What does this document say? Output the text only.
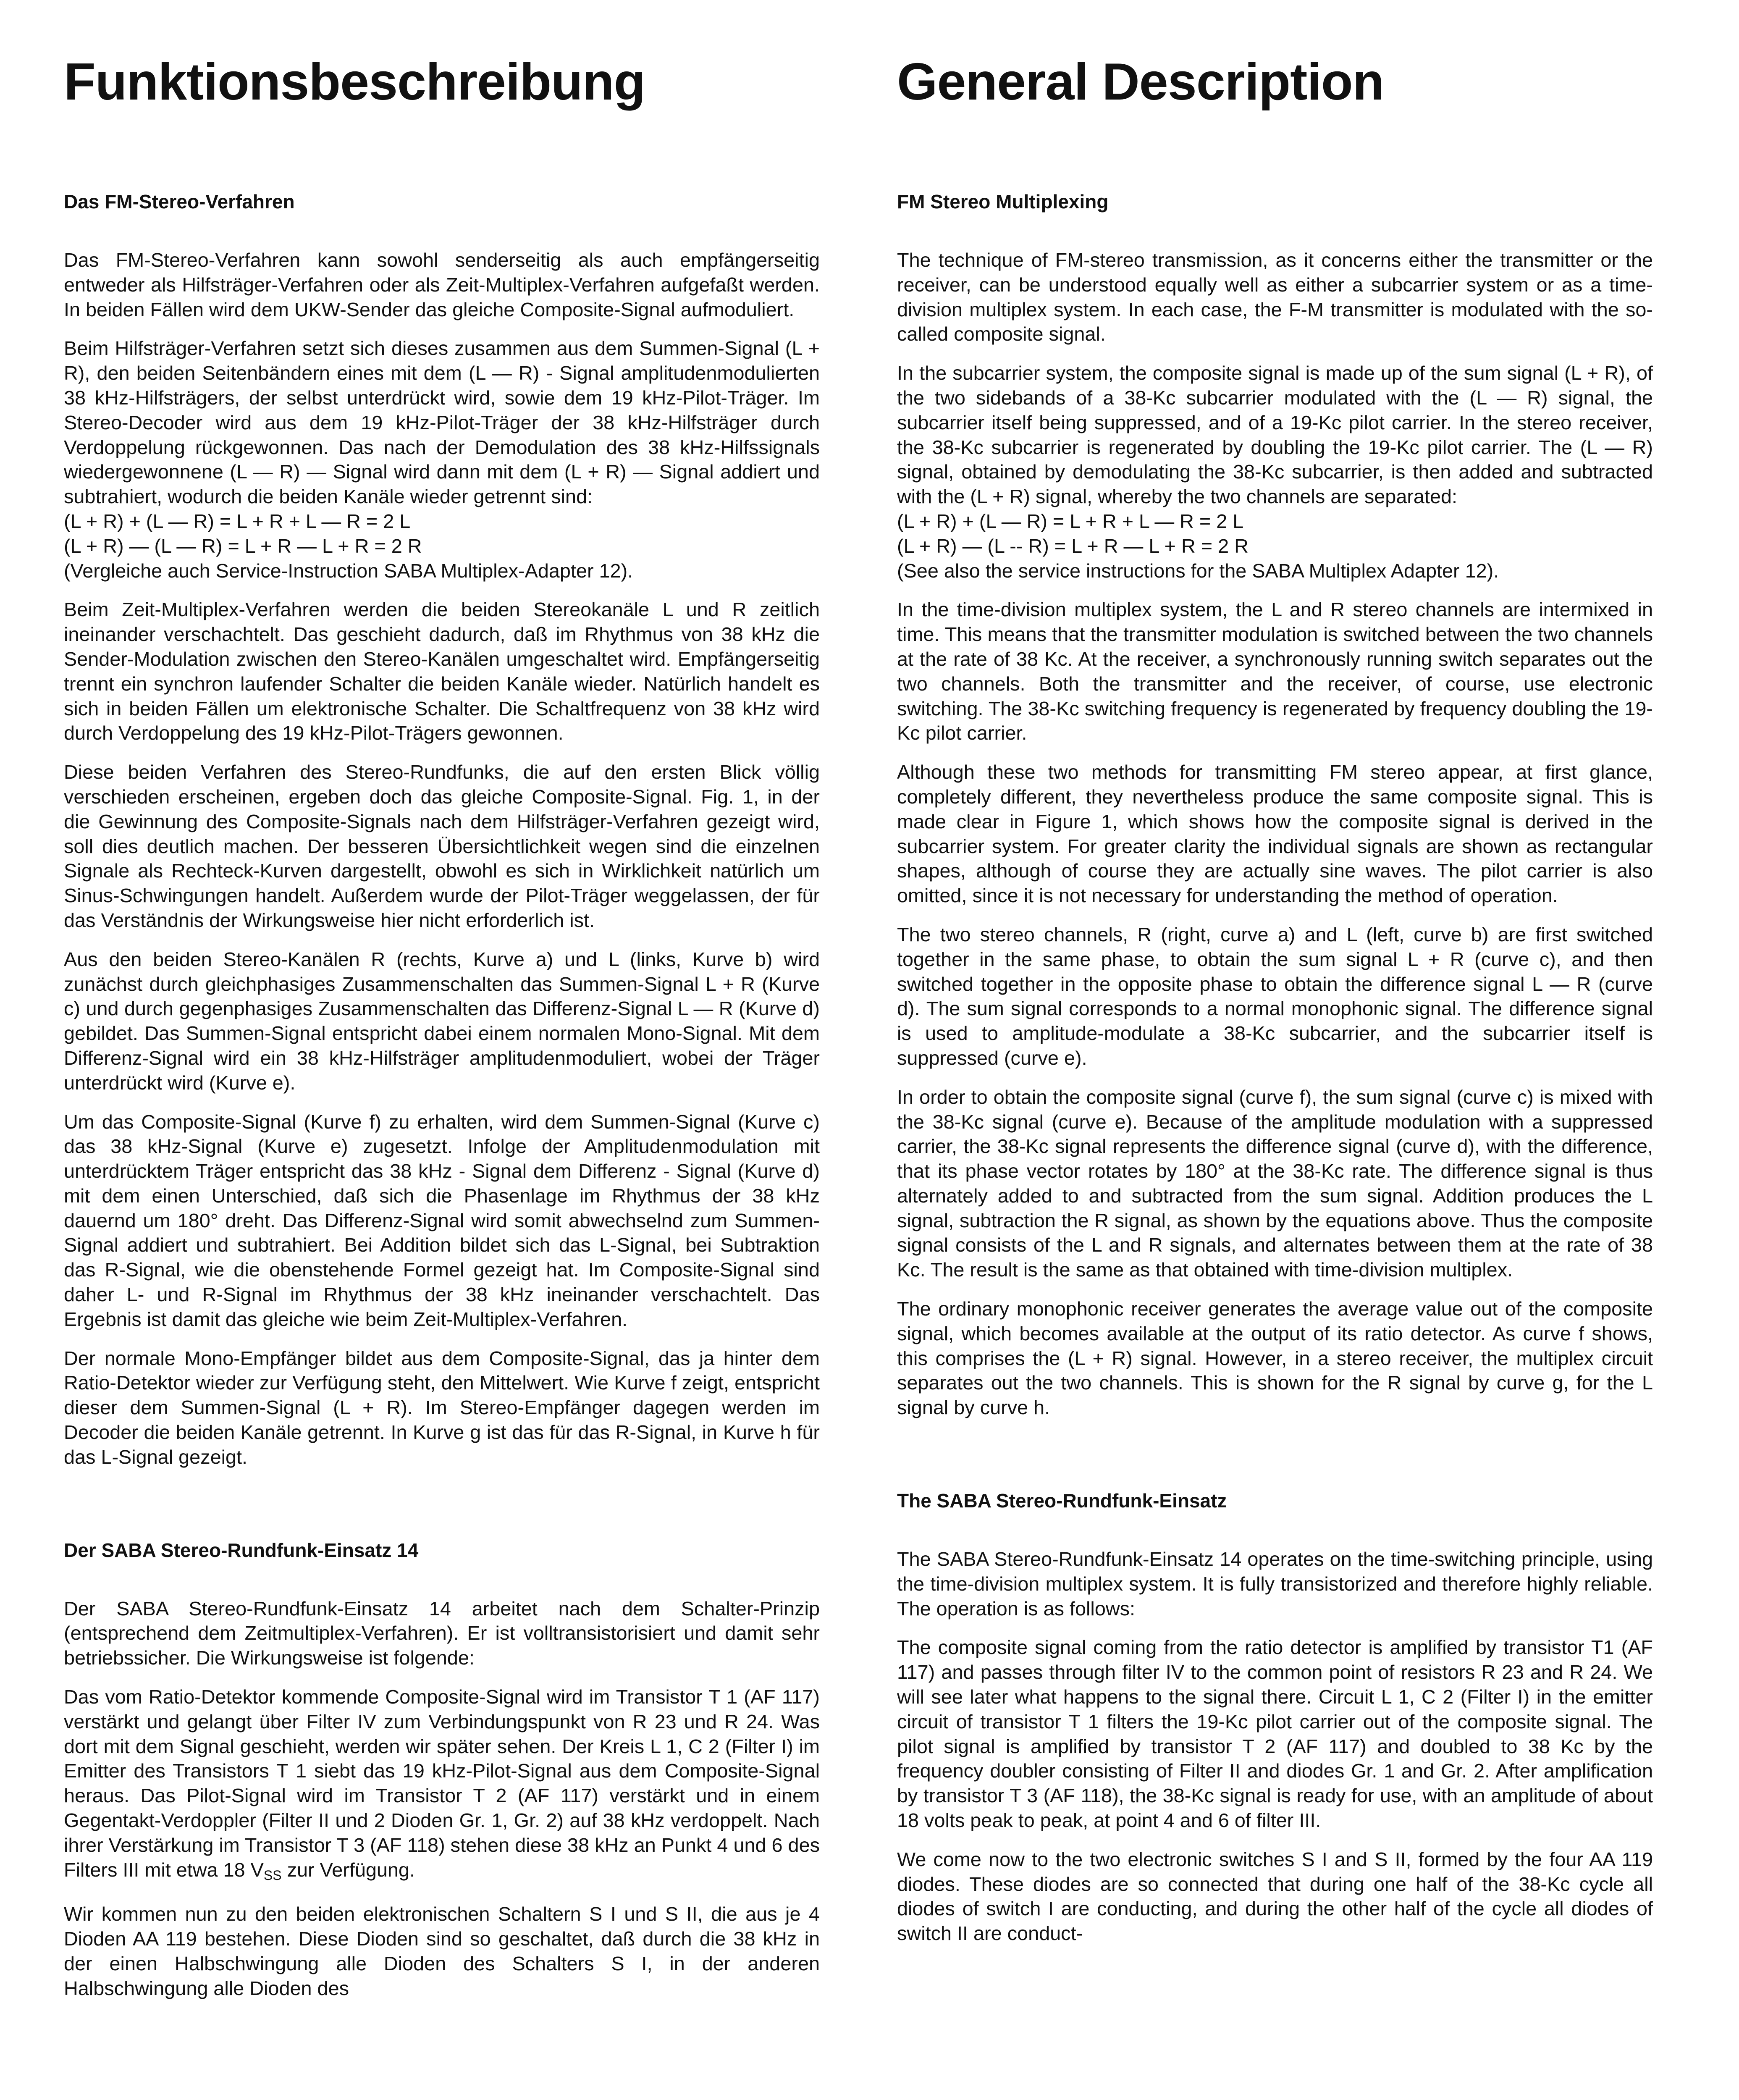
Funktionsbeschreibung
Das FM-Stereo-Verfahren

Das FM-Stereo-Verfahren kann sowohl senderseitig als auch empfängerseitig entweder als Hilfsträger-Verfahren oder als Zeit-Multiplex-Verfahren aufgefaßt werden. In beiden Fällen wird dem UKW-Sender das gleiche Composite-Signal aufmoduliert.

Beim Hilfsträger-Verfahren setzt sich dieses zusammen aus dem Summen-Signal (L + R), den beiden Seitenbändern eines mit dem (L — R) - Signal amplitudenmodulierten 38 kHz-Hilfsträgers, der selbst unterdrückt wird, sowie dem 19 kHz-Pilot-Träger. Im Stereo-Decoder wird aus dem 19 kHz-Pilot-Träger der 38 kHz-Hilfsträger durch Verdoppelung rückgewonnen. Das nach der Demodulation des 38 kHz-Hilfssignals wiedergewonnene (L — R) — Signal wird dann mit dem (L + R) — Signal addiert und subtrahiert, wodurch die beiden Kanäle wieder getrennt sind:

(L + R) + (L — R) = L + R + L — R = 2 L
(L + R) — (L — R) = L + R — L + R = 2 R
(Vergleiche auch Service-Instruction SABA Multiplex-Adapter 12).

Beim Zeit-Multiplex-Verfahren werden die beiden Stereokanäle L und R zeitlich ineinander verschachtelt. Das geschieht dadurch, daß im Rhythmus von 38 kHz die Sender-Modulation zwischen den Stereo-Kanälen umgeschaltet wird. Empfängerseitig trennt ein synchron laufender Schalter die beiden Kanäle wieder. Natürlich handelt es sich in beiden Fällen um elektronische Schalter. Die Schaltfrequenz von 38 kHz wird durch Verdoppelung des 19 kHz-Pilot-Trägers gewonnen.

Diese beiden Verfahren des Stereo-Rundfunks, die auf den ersten Blick völlig verschieden erscheinen, ergeben doch das gleiche Composite-Signal. Fig. 1, in der die Gewinnung des Composite-Signals nach dem Hilfsträger-Verfahren gezeigt wird, soll dies deutlich machen. Der besseren Übersichtlichkeit wegen sind die einzelnen Signale als Rechteck-Kurven dargestellt, obwohl es sich in Wirklichkeit natürlich um Sinus-Schwingungen handelt. Außerdem wurde der Pilot-Träger weggelassen, der für das Verständnis der Wirkungsweise hier nicht erforderlich ist.

Aus den beiden Stereo-Kanälen R (rechts, Kurve a) und L (links, Kurve b) wird zunächst durch gleichphasiges Zusammenschalten das Summen-Signal L + R (Kurve c) und durch gegenphasiges Zusammenschalten das Differenz-Signal L — R (Kurve d) gebildet. Das Summen-Signal entspricht dabei einem normalen Mono-Signal. Mit dem Differenz-Signal wird ein 38 kHz-Hilfsträger amplitudenmoduliert, wobei der Träger unterdrückt wird (Kurve e).

Um das Composite-Signal (Kurve f) zu erhalten, wird dem Summen-Signal (Kurve c) das 38 kHz-Signal (Kurve e) zugesetzt. Infolge der Amplitudenmodulation mit unterdrücktem Träger entspricht das 38 kHz - Signal dem Differenz - Signal (Kurve d) mit dem einen Unterschied, daß sich die Phasenlage im Rhythmus der 38 kHz dauernd um 180° dreht. Das Differenz-Signal wird somit abwechselnd zum Summen-Signal addiert und subtrahiert. Bei Addition bildet sich das L-Signal, bei Subtraktion das R-Signal, wie die obenstehende Formel gezeigt hat. Im Composite-Signal sind daher L- und R-Signal im Rhythmus der 38 kHz ineinander verschachtelt. Das Ergebnis ist damit das gleiche wie beim Zeit-Multiplex-Verfahren.

Der normale Mono-Empfänger bildet aus dem Composite-Signal, das ja hinter dem Ratio-Detektor wieder zur Verfügung steht, den Mittelwert. Wie Kurve f zeigt, entspricht dieser dem Summen-Signal (L + R). Im Stereo-Empfänger dagegen werden im Decoder die beiden Kanäle getrennt. In Kurve g ist das für das R-Signal, in Kurve h für das L-Signal gezeigt.

Der SABA Stereo-Rundfunk-Einsatz 14

Der SABA Stereo-Rundfunk-Einsatz 14 arbeitet nach dem Schalter-Prinzip (entsprechend dem Zeitmultiplex-Verfahren). Er ist volltransistorisiert und damit sehr betriebssicher. Die Wirkungsweise ist folgende:

Das vom Ratio-Detektor kommende Composite-Signal wird im Transistor T 1 (AF 117) verstärkt und gelangt über Filter IV zum Verbindungspunkt von R 23 und R 24. Was dort mit dem Signal geschieht, werden wir später sehen. Der Kreis L 1, C 2 (Filter I) im Emitter des Transistors T 1 siebt das 19 kHz-Pilot-Signal aus dem Composite-Signal heraus. Das Pilot-Signal wird im Transistor T 2 (AF 117) verstärkt und in einem Gegentakt-Verdoppler (Filter II und 2 Dioden Gr. 1, Gr. 2) auf 38 kHz verdoppelt. Nach ihrer Verstärkung im Transistor T 3 (AF 118) stehen diese 38 kHz an Punkt 4 und 6 des Filters III mit etwa 18 $V_{SS}$ zur Verfügung.

Wir kommen nun zu den beiden elektronischen Schaltern S I und S II, die aus je 4 Dioden AA 119 bestehen. Diese Dioden sind so geschaltet, daß durch die 38 kHz in der einen Halbschwingung alle Dioden des Schalters S I, in der anderen Halbschwingung alle Dioden des

General Description
FM Stereo Multiplexing

The technique of FM-stereo transmission, as it concerns either the transmitter or the receiver, can be understood equally well as either a subcarrier system or as a time-division multiplex system. In each case, the F-M transmitter is modulated with the so-called composite signal.

In the subcarrier system, the composite signal is made up of the sum signal (L + R), of the two sidebands of a 38-Kc subcarrier modulated with the (L — R) signal, the subcarrier itself being suppressed, and of a 19-Kc pilot carrier. In the stereo receiver, the 38-Kc subcarrier is regenerated by doubling the 19-Kc pilot carrier. The (L — R) signal, obtained by demodulating the 38-Kc subcarrier, is then added and subtracted with the (L + R) signal, whereby the two channels are separated:

(L + R) + (L — R) = L + R + L — R = 2 L
(L + R) — (L -- R) = L + R — L + R = 2 R
(See also the service instructions for the SABA Multiplex Adapter 12).

In the time-division multiplex system, the L and R stereo channels are intermixed in time. This means that the transmitter modulation is switched between the two channels at the rate of 38 Kc. At the receiver, a synchronously running switch separates out the two channels. Both the transmitter and the receiver, of course, use electronic switching. The 38-Kc switching frequency is regenerated by frequency doubling the 19-Kc pilot carrier.

Although these two methods for transmitting FM stereo appear, at first glance, completely different, they nevertheless produce the same composite signal. This is made clear in Figure 1, which shows how the composite signal is derived in the subcarrier system. For greater clarity the individual signals are shown as rectangular shapes, although of course they are actually sine waves. The pilot carrier is also omitted, since it is not necessary for understanding the method of operation.

The two stereo channels, R (right, curve a) and L (left, curve b) are first switched together in the same phase, to obtain the sum signal L + R (curve c), and then switched together in the opposite phase to obtain the difference signal L — R (curve d). The sum signal corresponds to a normal monophonic signal. The difference signal is used to amplitude-modulate a 38-Kc subcarrier, and the subcarrier itself is suppressed (curve e).

In order to obtain the composite signal (curve f), the sum signal (curve c) is mixed with the 38-Kc signal (curve e). Because of the amplitude modulation with a suppressed carrier, the 38-Kc signal represents the difference signal (curve d), with the difference, that its phase vector rotates by 180° at the 38-Kc rate. The difference signal is thus alternately added to and subtracted from the sum signal. Addition produces the L signal, subtraction the R signal, as shown by the equations above. Thus the composite signal consists of the L and R signals, and alternates between them at the rate of 38 Kc. The result is the same as that obtained with time-division multiplex.

The ordinary monophonic receiver generates the average value out of the composite signal, which becomes available at the output of its ratio detector. As curve f shows, this comprises the (L + R) signal. However, in a stereo receiver, the multiplex circuit separates out the two channels. This is shown for the R signal by curve g, for the L signal by curve h.

The SABA Stereo-Rundfunk-Einsatz

The SABA Stereo-Rundfunk-Einsatz 14 operates on the time-switching principle, using the time-division multiplex system. It is fully transistorized and therefore highly reliable. The operation is as follows:

The composite signal coming from the ratio detector is amplified by transistor T1 (AF 117) and passes through filter IV to the common point of resistors R 23 and R 24. We will see later what happens to the signal there. Circuit L 1, C 2 (Filter I) in the emitter circuit of transistor T 1 filters the 19-Kc pilot carrier out of the composite signal. The pilot signal is amplified by transistor T 2 (AF 117) and doubled to 38 Kc by the frequency doubler consisting of Filter II and diodes Gr. 1 and Gr. 2. After amplification by transistor T 3 (AF 118), the 38-Kc signal is ready for use, with an amplitude of about 18 volts peak to peak, at point 4 and 6 of filter III.

We come now to the two electronic switches S I and S II, formed by the four AA 119 diodes. These diodes are so connected that during one half of the 38-Kc cycle all diodes of switch I are conducting, and during the other half of the cycle all diodes of switch II are conduct-
